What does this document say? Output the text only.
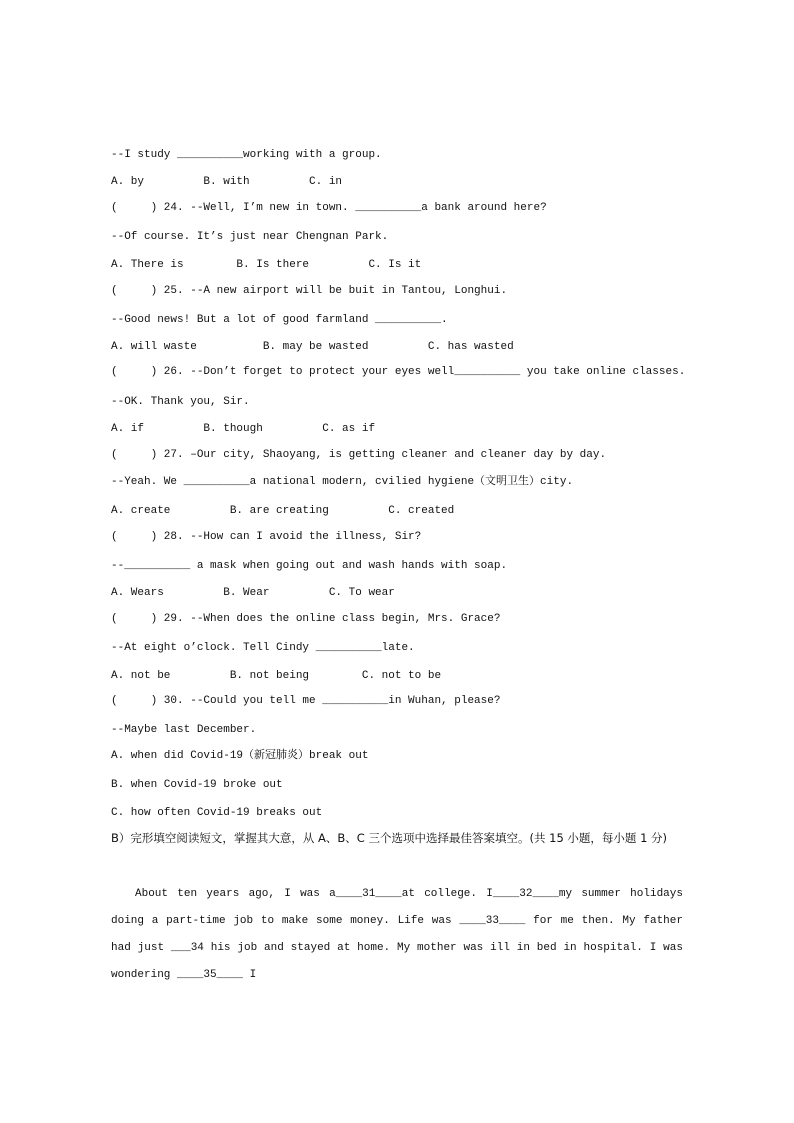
--I study __________working with a group.
A. by         B. with         C. in
(     ) 24. --Well, I’m new in town. __________a bank around here?
--Of course. It’s just near Chengnan Park.
A. There is        B. Is there         C. Is it
(     ) 25. --A new airport will be buit in Tantou, Longhui.
--Good news! But a lot of good farmland __________.
A. will waste          B. may be wasted         C. has wasted
(     ) 26. --Don’t forget to protect your eyes well__________ you take online classes.
--OK. Thank you, Sir.
A. if         B. though         C. as if
(     ) 27. –Our city, Shaoyang, is getting cleaner and cleaner day by day.
--Yeah. We __________a national modern, cvilied hygiene（文明卫生）city.
A. create         B. are creating         C. created
(     ) 28. --How can I avoid the illness, Sir?
--__________ a mask when going out and wash hands with soap.
A. Wears         B. Wear         C. To wear
(     ) 29. --When does the online class begin, Mrs. Grace?
--At eight o’clock. Tell Cindy __________late.
A. not be         B. not being        C. not to be
(     ) 30. --Could you tell me __________in Wuhan, please?
--Maybe last December.
A. when did Covid-19（新冠肺炎）break out
B. when Covid-19 broke out
C. how often Covid-19 breaks out
B）完形填空阅读短文，掌握其大意，从 A、B、C 三个选项中选择最佳答案填空。(共 15 小题，每小题 1 分)
About ten years ago, I was a____31____at college. I____32____my summer holidays doing a part-time job to make some money. Life was ____33____ for me then. My father had just ___34 his job and stayed at home. My mother was ill in bed in hospital. I was wondering ____35____ I
